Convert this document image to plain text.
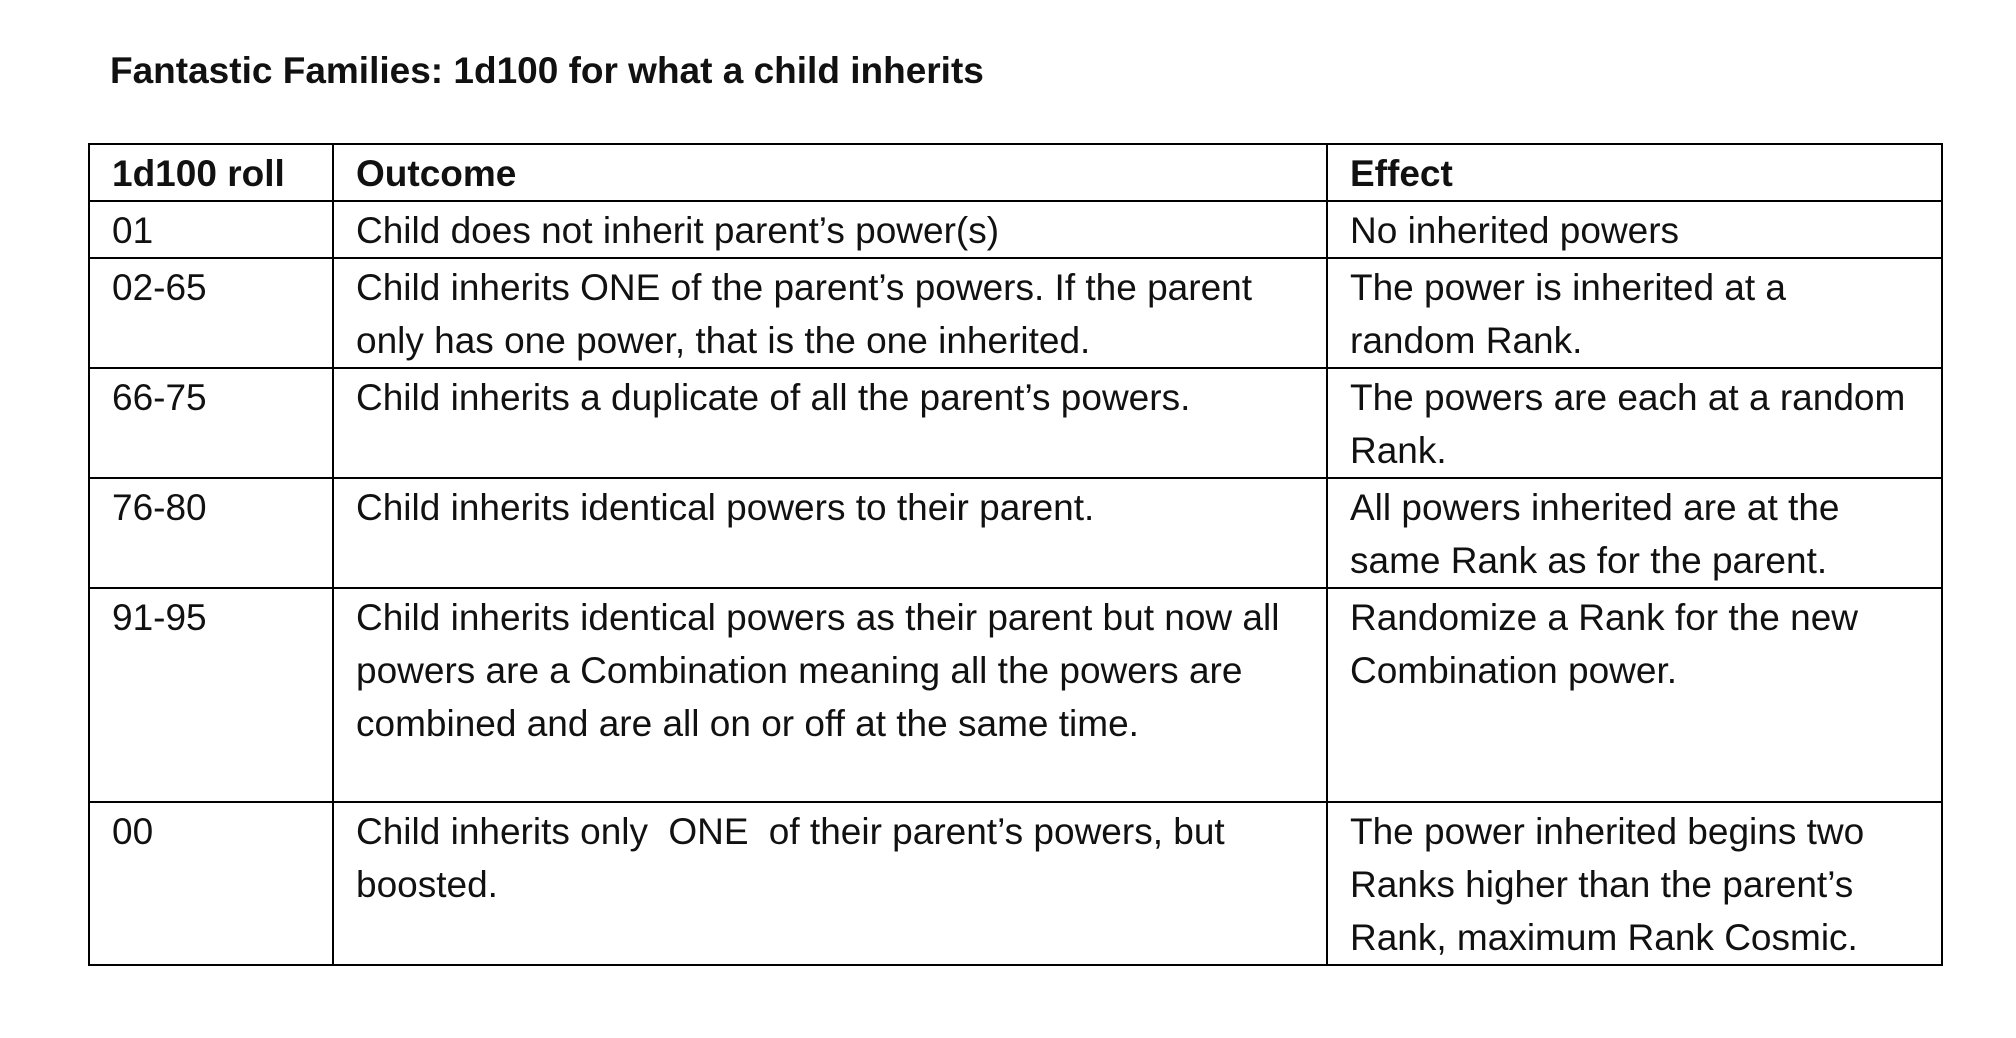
Fantastic Families: 1d100 for what a child inherits
1d100 roll	Outcome	Effect
01	Child does not inherit parent’s power(s)	No inherited powers
02-65	Child inherits ONE of the parent’s powers. If the parent only has one power, that is the one inherited.	The power is inherited at a random Rank.
66-75	Child inherits a duplicate of all the parent’s powers.	The powers are each at a random Rank.
76-80	Child inherits identical powers to their parent.	All powers inherited are at the same Rank as for the parent.
91-95	Child inherits identical powers as their parent but now all powers are a Combination meaning all the powers are combined and are all on or off at the same time.	Randomize a Rank for the new Combination power.
00	Child inherits only ONE of their parent’s powers, but boosted.	The power inherited begins two Ranks higher than the parent’s Rank, maximum Rank Cosmic.
